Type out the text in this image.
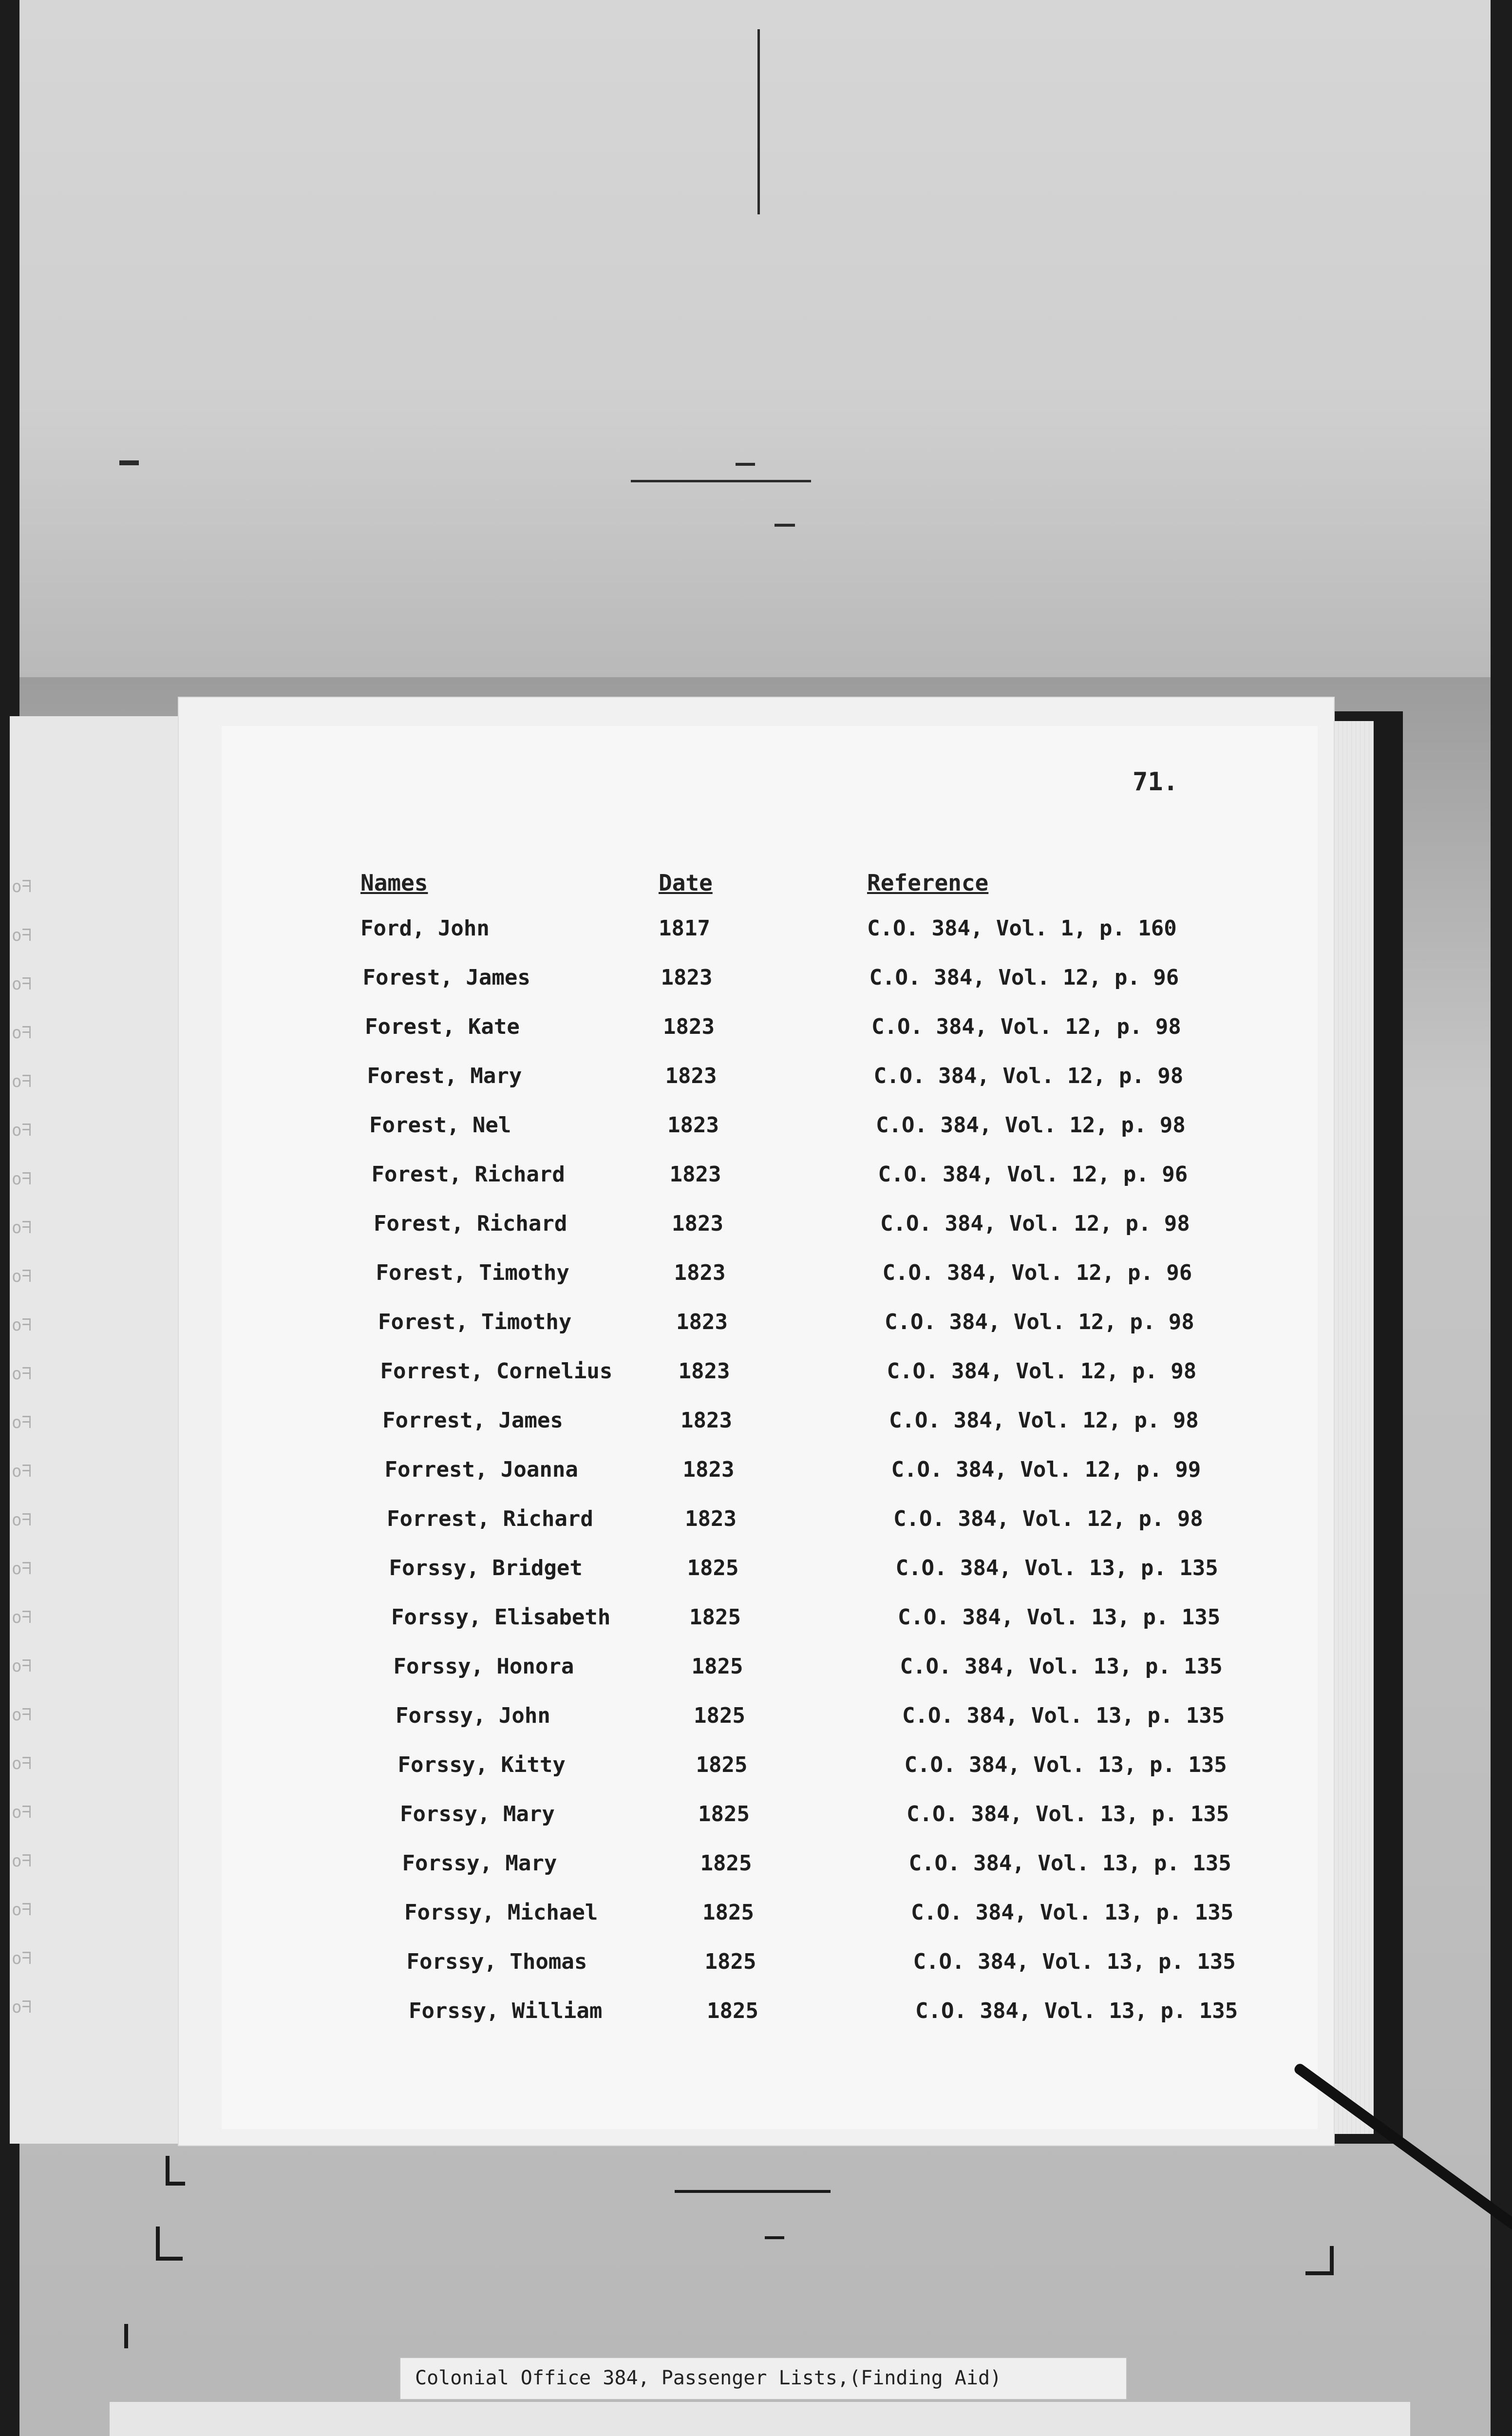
ᖴo
ᖴo
ᖴo
ᖴo
ᖴo
ᖴo
ᖴo
ᖴo
ᖴo
ᖴo
ᖴo
ᖴo
ᖴo
ᖴo
ᖴo
ᖴo
ᖴo
ᖴo
ᖴo
ᖴo
ᖴo
ᖴo
ᖴo
ᖴo
71.
Names	Date	Reference
Ford, John	1817	C.O. 384, Vol. 1, p. 160
Forest, James	1823	C.O. 384, Vol. 12, p. 96
Forest, Kate	1823	C.O. 384, Vol. 12, p. 98
Forest, Mary	1823	C.O. 384, Vol. 12, p. 98
Forest, Nel	1823	C.O. 384, Vol. 12, p. 98
Forest, Richard	1823	C.O. 384, Vol. 12, p. 96
Forest, Richard	1823	C.O. 384, Vol. 12, p. 98
Forest, Timothy	1823	C.O. 384, Vol. 12, p. 96
Forest, Timothy	1823	C.O. 384, Vol. 12, p. 98
Forrest, Cornelius	1823	C.O. 384, Vol. 12, p. 98
Forrest, James	1823	C.O. 384, Vol. 12, p. 98
Forrest, Joanna	1823	C.O. 384, Vol. 12, p. 99
Forrest, Richard	1823	C.O. 384, Vol. 12, p. 98
Forssy, Bridget	1825	C.O. 384, Vol. 13, p. 135
Forssy, Elisabeth	1825	C.O. 384, Vol. 13, p. 135
Forssy, Honora	1825	C.O. 384, Vol. 13, p. 135
Forssy, John	1825	C.O. 384, Vol. 13, p. 135
Forssy, Kitty	1825	C.O. 384, Vol. 13, p. 135
Forssy, Mary	1825	C.O. 384, Vol. 13, p. 135
Forssy, Mary	1825	C.O. 384, Vol. 13, p. 135
Forssy, Michael	1825	C.O. 384, Vol. 13, p. 135
Forssy, Thomas	1825	C.O. 384, Vol. 13, p. 135
Forssy, William	1825	C.O. 384, Vol. 13, p. 135
Colonial Office 384, Passenger Lists,(Finding Aid)
